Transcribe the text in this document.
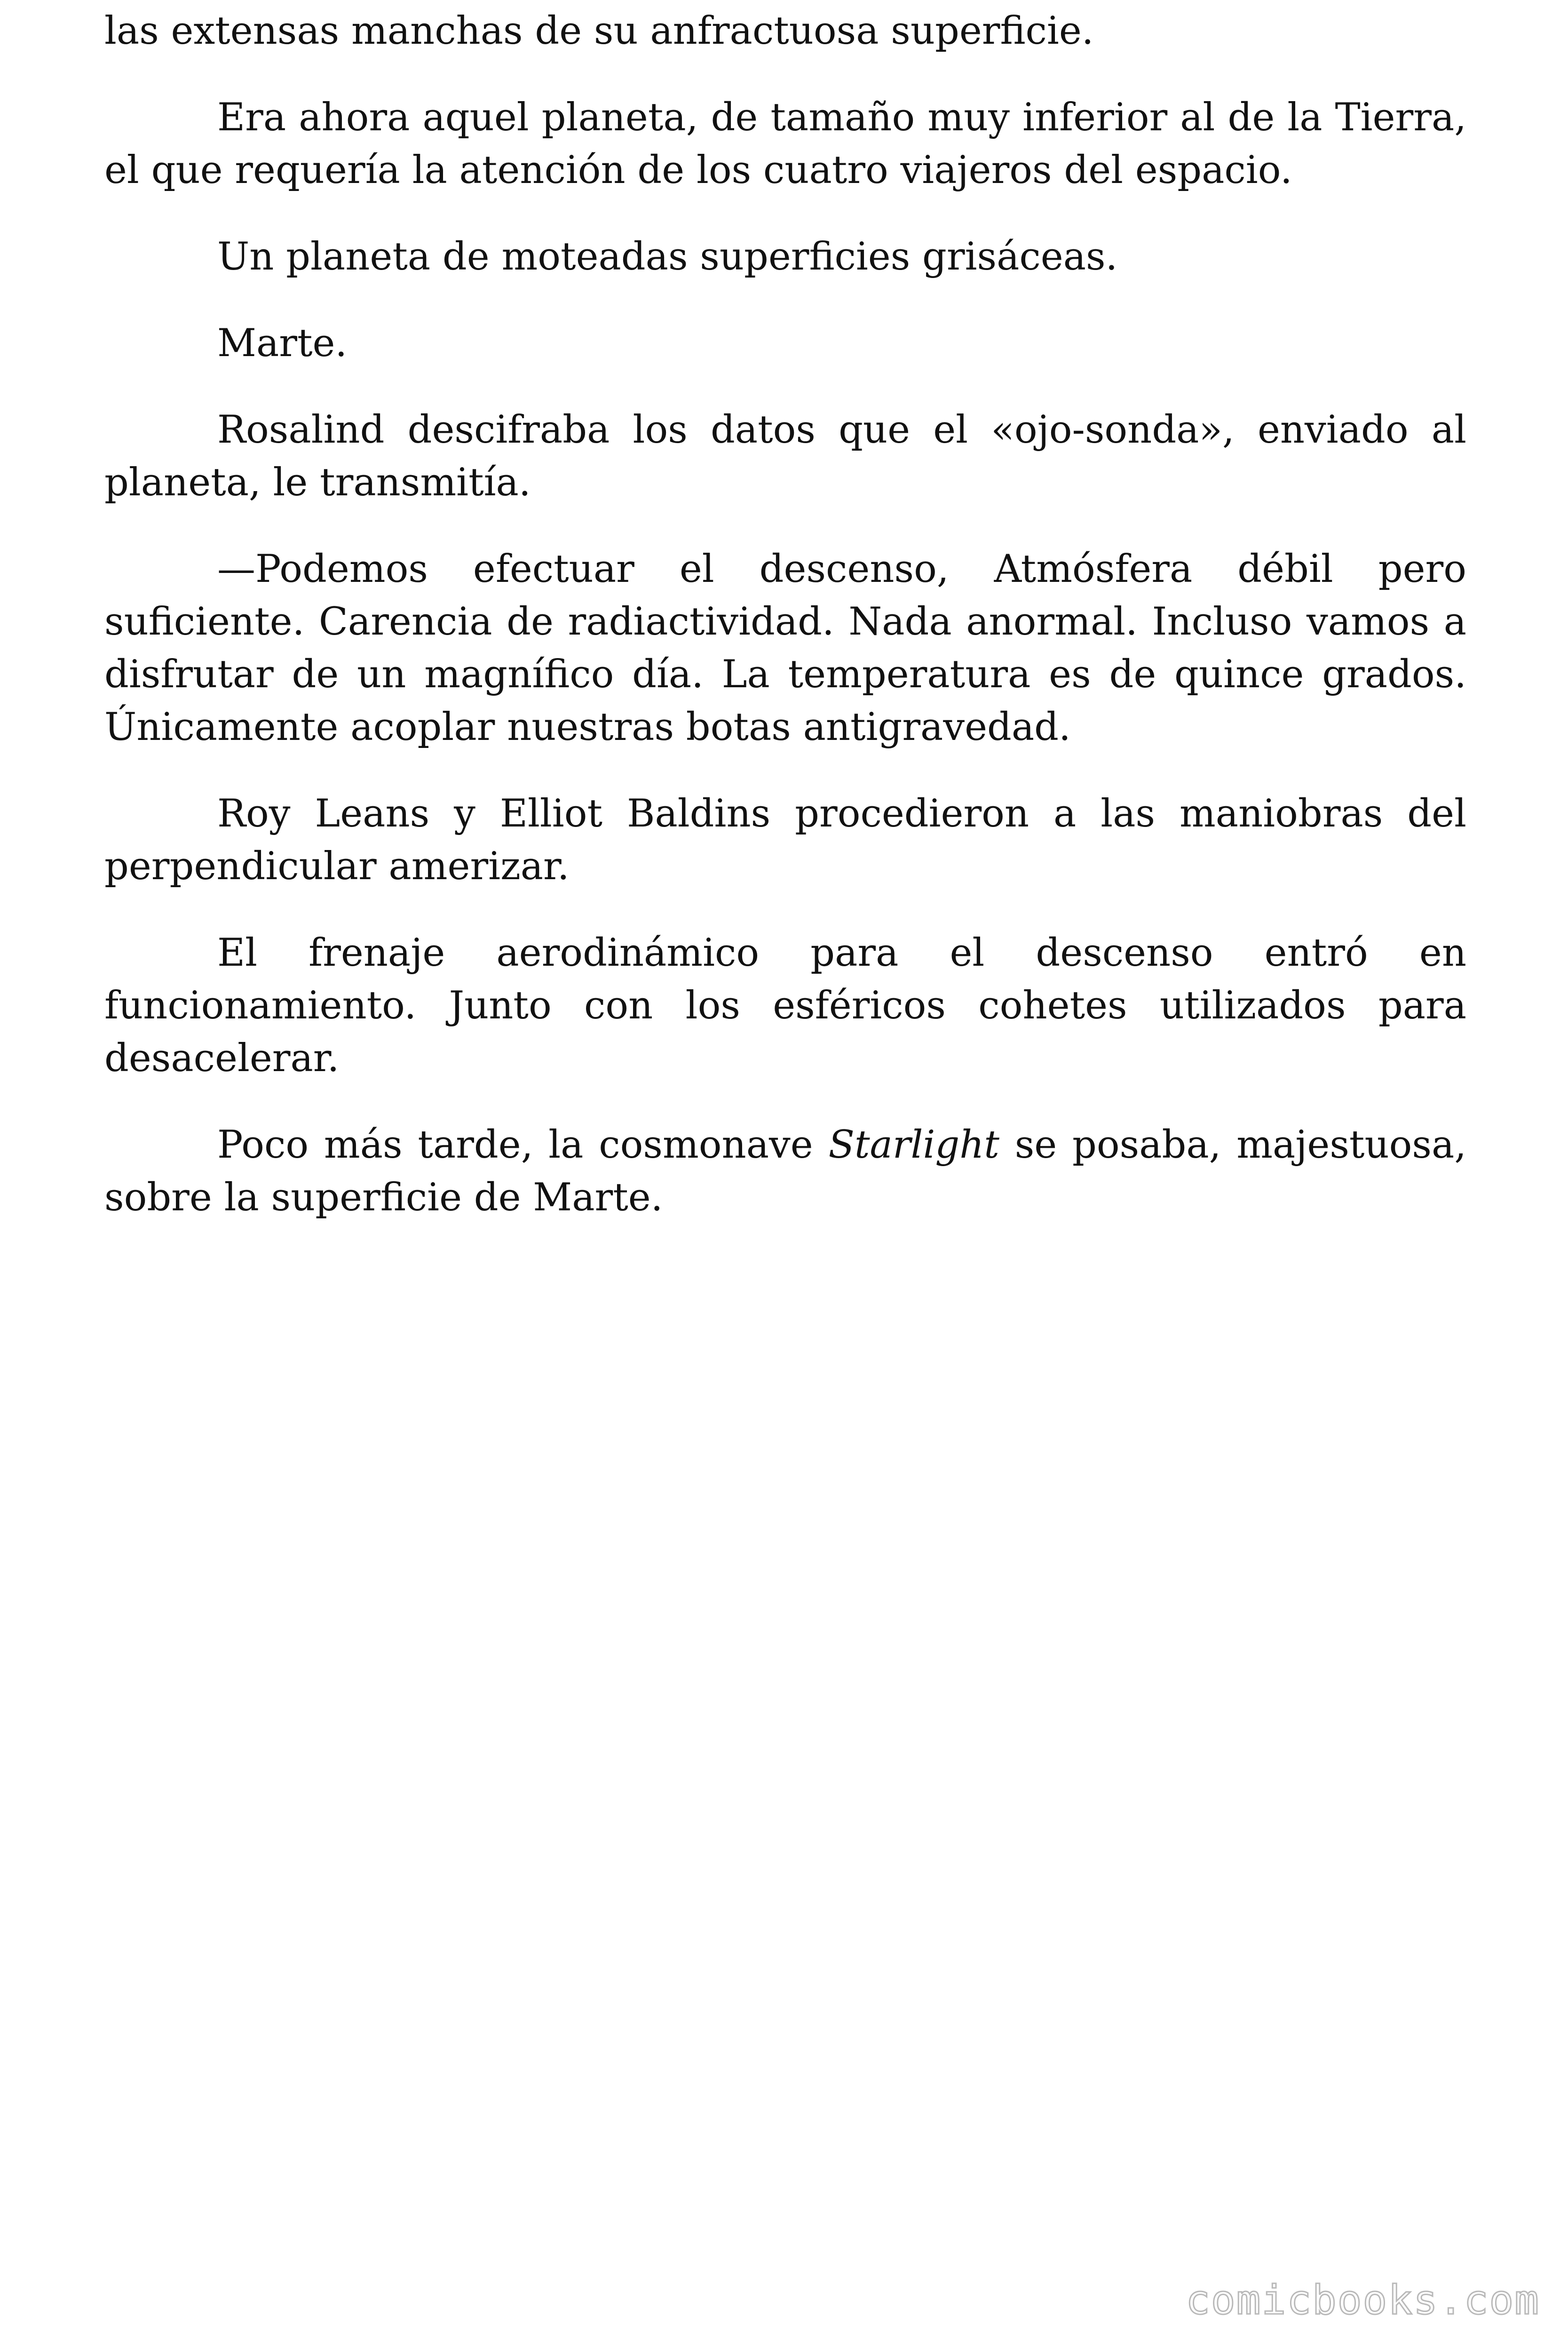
las extensas manchas de su anfractuosa superficie.

Era ahora aquel planeta, de tamaño muy inferior al de la Tierra, el que requería la atención de los cuatro viajeros del espacio.

Un planeta de moteadas superficies grisáceas.

Marte.

Rosalind descifraba los datos que el «ojo-sonda», enviado al planeta, le transmitía.

—Podemos efectuar el descenso, Atmósfera débil pero suficiente. Carencia de radiactividad. Nada anormal. Incluso vamos a disfrutar de un magnífico día. La temperatura es de quince grados. Únicamente acoplar nuestras botas antigravedad.

Roy Leans y Elliot Baldins procedieron a las maniobras del perpendicular amerizar.

El frenaje aerodinámico para el descenso entró en funcionamiento. Junto con los esféricos cohetes utilizados para desacelerar.

Poco más tarde, la cosmonave Starlight se posaba, majestuosa, sobre la superficie de Marte.

comicbooks.com
